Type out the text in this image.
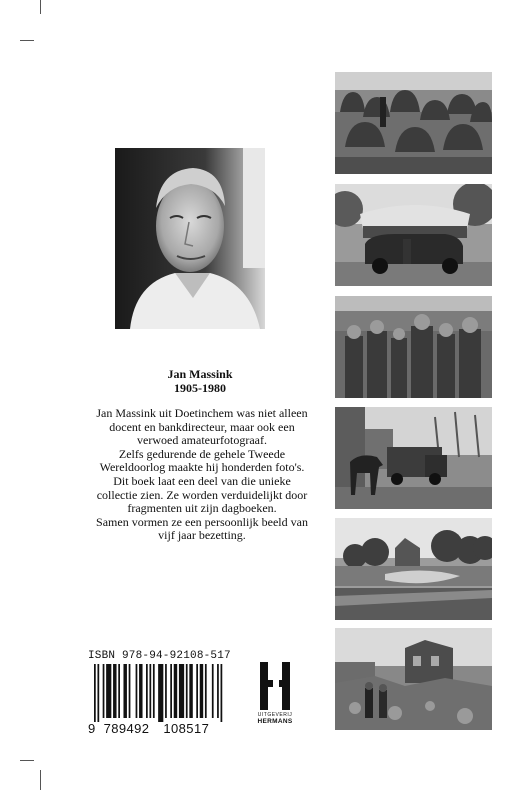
Jan Massink
1905-1980
Jan Massink uit Doetinchem was niet alleen
docent en bankdirecteur, maar ook een
verwoed amateurfotograaf.
Zelfs gedurende de gehele Tweede
Wereldoorlog maakte hij honderden foto's.
Dit boek laat een deel van die unieke
collectie zien. Ze worden verduidelijkt door
fragmenten uit zijn dagboeken.
Samen vormen ze een persoonlijk beeld van
vijf jaar bezetting.
ISBN 978-94-92108-517
9 789492 108517
UITGEVERIJ
HERMANS
